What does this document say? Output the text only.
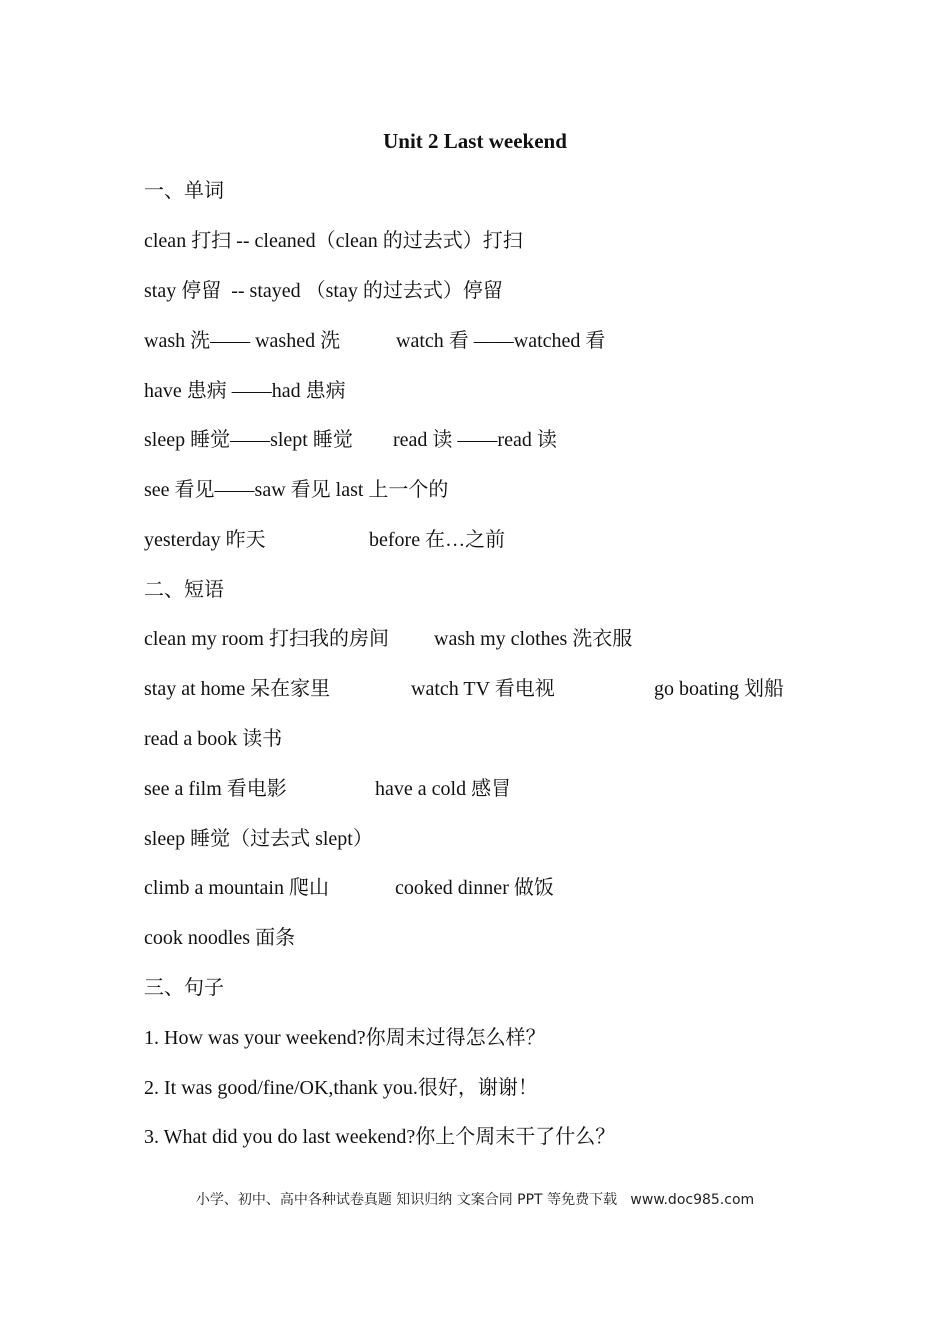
Unit 2 Last weekend
一、单词
clean 打扫 -- cleaned（clean 的过去式）打扫
stay 停留  -- stayed （stay 的过去式）停留

wash 洗—— washed 洗

	watch 看 ——watched 看

have 患病 ——had 患病

sleep 睡觉——slept 睡觉

read 读 ——read 读

see 看见——saw 看见 last 上一个的

yesterday 昨天

	before 在…之前

二、短语

clean my room 打扫我的房间

wash my clothes 洗衣服

stay at home 呆在家里

	watch TV 看电视

	go boating 划船

read a book 读书

see a film 看电影

	have a cold 感冒

sleep 睡觉（过去式 slept）

climb a mountain 爬山

	cooked dinner 做饭

cook noodles 面条
三、句子
1. How was your weekend?你周末过得怎么样？
2. It was good/fine/OK,thank you.很好，谢谢！
3. What did you do last weekend?你上个周末干了什么？
小学、初中、高中各种试卷真题 知识归纳 文案合同 PPT 等免费下载   www.doc985.com
